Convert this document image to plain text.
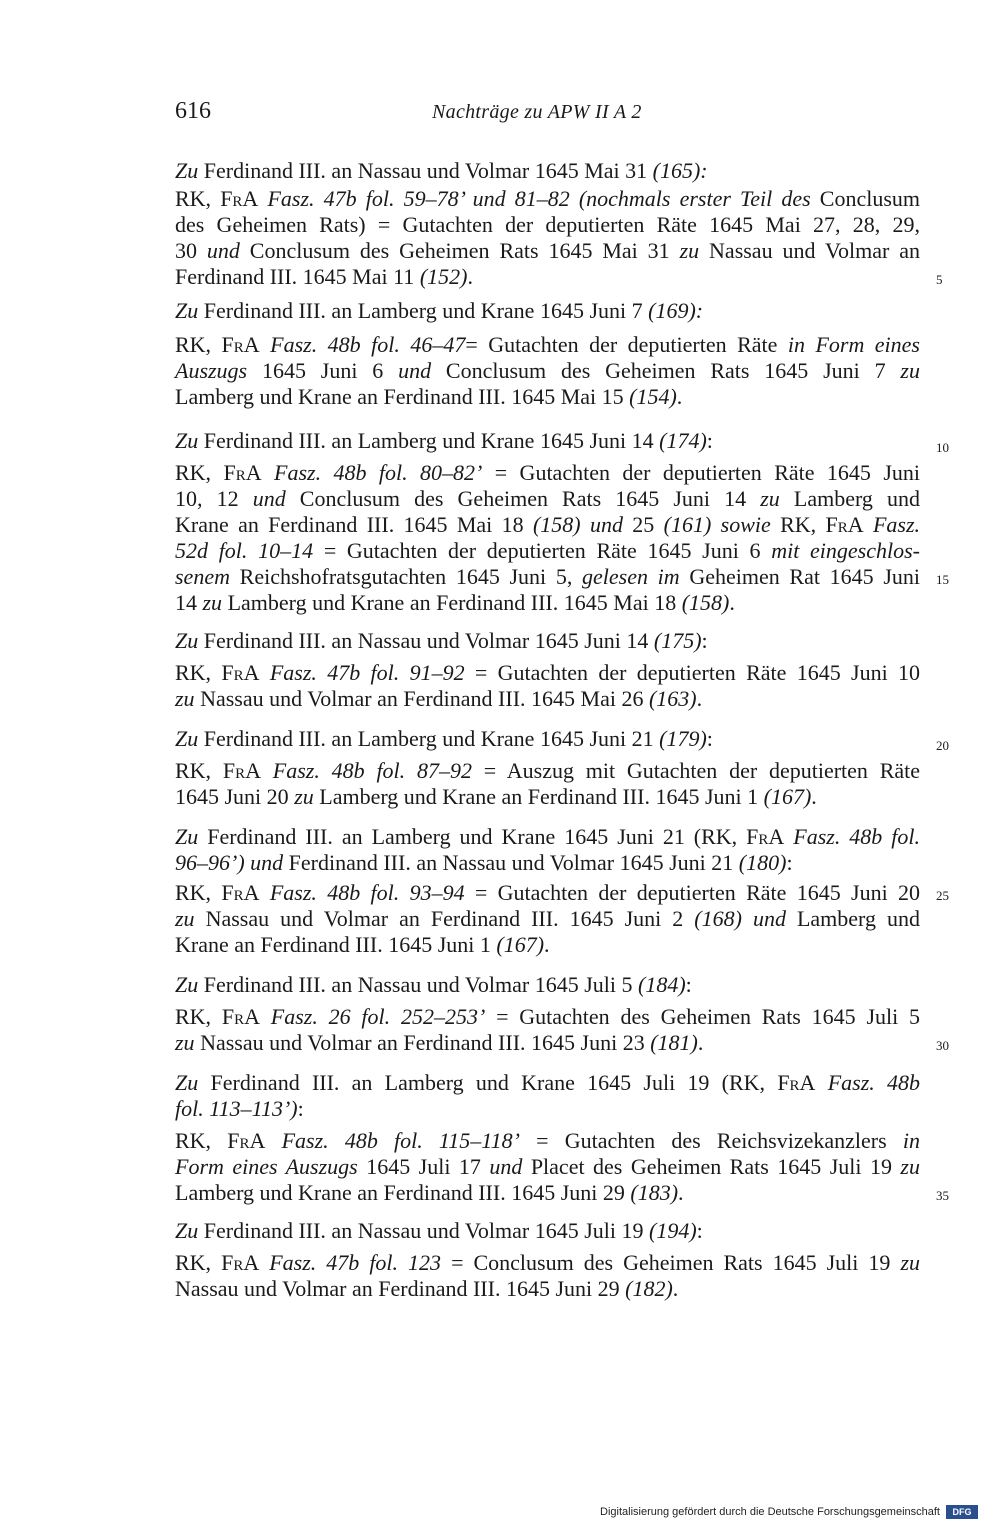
616	Nachträge zu APW II A 2
Zu Ferdinand III. an Nassau und Volmar 1645 Mai 31 (165):
RK, FrA Fasz. 47b fol. 59–78’ und 81–82 (nochmals erster Teil des Conclusum
des Geheimen Rats) = Gutachten der deputierten Räte 1645 Mai 27, 28, 29,
30 und Conclusum des Geheimen Rats 1645 Mai 31 zu Nassau und Volmar an
Ferdinand III. 1645 Mai 11 (152).
Zu Ferdinand III. an Lamberg und Krane 1645 Juni 7 (169):
RK, FrA Fasz. 48b fol. 46–47= Gutachten der deputierten Räte in Form eines
Auszugs 1645 Juni 6 und Conclusum des Geheimen Rats 1645 Juni 7 zu
Lamberg und Krane an Ferdinand III. 1645 Mai 15 (154).
Zu Ferdinand III. an Lamberg und Krane 1645 Juni 14 (174):
RK, FrA Fasz. 48b fol. 80–82’ = Gutachten der deputierten Räte 1645 Juni
10, 12 und Conclusum des Geheimen Rats 1645 Juni 14 zu Lamberg und
Krane an Ferdinand III. 1645 Mai 18 (158) und 25 (161) sowie RK, FrA Fasz.
52d fol. 10–14 = Gutachten der deputierten Räte 1645 Juni 6 mit eingeschlos-
senem Reichshofratsgutachten 1645 Juni 5, gelesen im Geheimen Rat 1645 Juni
14 zu Lamberg und Krane an Ferdinand III. 1645 Mai 18 (158).
Zu Ferdinand III. an Nassau und Volmar 1645 Juni 14 (175):
RK, FrA Fasz. 47b fol. 91–92 = Gutachten der deputierten Räte 1645 Juni 10
zu Nassau und Volmar an Ferdinand III. 1645 Mai 26 (163).
Zu Ferdinand III. an Lamberg und Krane 1645 Juni 21 (179):
RK, FrA Fasz. 48b fol. 87–92 = Auszug mit Gutachten der deputierten Räte
1645 Juni 20 zu Lamberg und Krane an Ferdinand III. 1645 Juni 1 (167).
Zu Ferdinand III. an Lamberg und Krane 1645 Juni 21 (RK, FrA Fasz. 48b fol.
96–96’) und Ferdinand III. an Nassau und Volmar 1645 Juni 21 (180):
RK, FrA Fasz. 48b fol. 93–94 = Gutachten der deputierten Räte 1645 Juni 20
zu Nassau und Volmar an Ferdinand III. 1645 Juni 2 (168) und Lamberg und
Krane an Ferdinand III. 1645 Juni 1 (167).
Zu Ferdinand III. an Nassau und Volmar 1645 Juli 5 (184):
RK, FrA Fasz. 26 fol. 252–253’ = Gutachten des Geheimen Rats 1645 Juli 5
zu Nassau und Volmar an Ferdinand III. 1645 Juni 23 (181).
Zu Ferdinand III. an Lamberg und Krane 1645 Juli 19 (RK, FrA Fasz. 48b
fol. 113–113’):
RK, FrA Fasz. 48b fol. 115–118’ = Gutachten des Reichsvizekanzlers in
Form eines Auszugs 1645 Juli 17 und Placet des Geheimen Rats 1645 Juli 19 zu
Lamberg und Krane an Ferdinand III. 1645 Juni 29 (183).
Zu Ferdinand III. an Nassau und Volmar 1645 Juli 19 (194):
RK, FrA Fasz. 47b fol. 123 = Conclusum des Geheimen Rats 1645 Juli 19 zu
Nassau und Volmar an Ferdinand III. 1645 Juni 29 (182).
5
10
15
20
25
30
35
Digitalisierung gefördert durch die Deutsche Forschungsgemeinschaft	DFG
